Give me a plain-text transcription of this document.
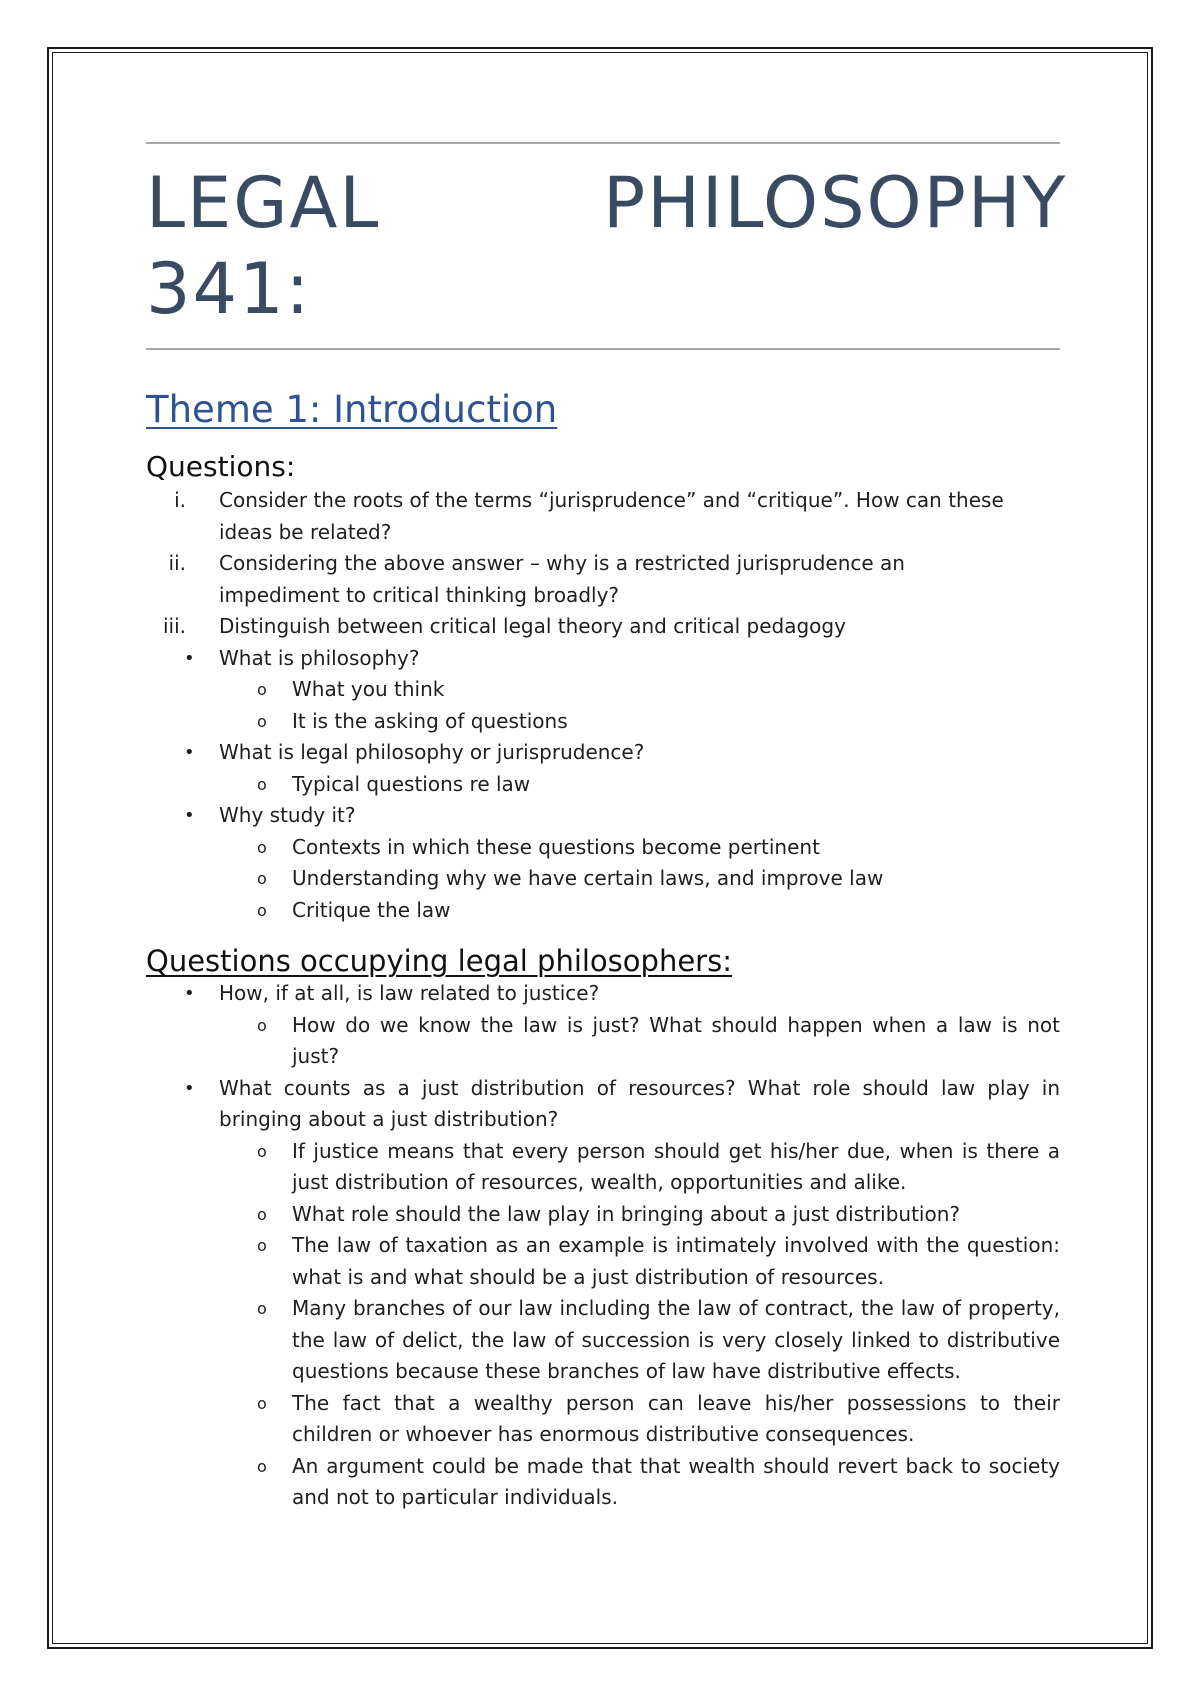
LEGAL	PHILOSOPHY
341:
Theme 1: Introduction
Questions:
i.	Consider the roots of the terms “jurisprudence” and “critique”. How can these ideas be related?
ii.	Considering the above answer – why is a restricted jurisprudence an impediment to critical thinking broadly?
iii.	Distinguish between critical legal theory and critical pedagogy
•	What is philosophy?
o	What you think
o	It is the asking of questions
•	What is legal philosophy or jurisprudence?
o	Typical questions re law
•	Why study it?
o	Contexts in which these questions become pertinent
o	Understanding why we have certain laws, and improve law
o	Critique the law
Questions occupying legal philosophers:
•	How, if at all, is law related to justice?
o	How do we know the law is just? What should happen when a law is not just?
•	What counts as a just distribution of resources? What role should law play in bringing about a just distribution?
o	If justice means that every person should get his/her due, when is there a just distribution of resources, wealth, opportunities and alike.
o	What role should the law play in bringing about a just distribution?
o	The law of taxation as an example is intimately involved with the question: what is and what should be a just distribution of resources.
o	Many branches of our law including the law of contract, the law of property, the law of delict, the law of succession is very closely linked to distributive questions because these branches of law have distributive effects.
o	The fact that a wealthy person can leave his/her possessions to their children or whoever has enormous distributive consequences.
o	An argument could be made that that wealth should revert back to society and not to particular individuals.
